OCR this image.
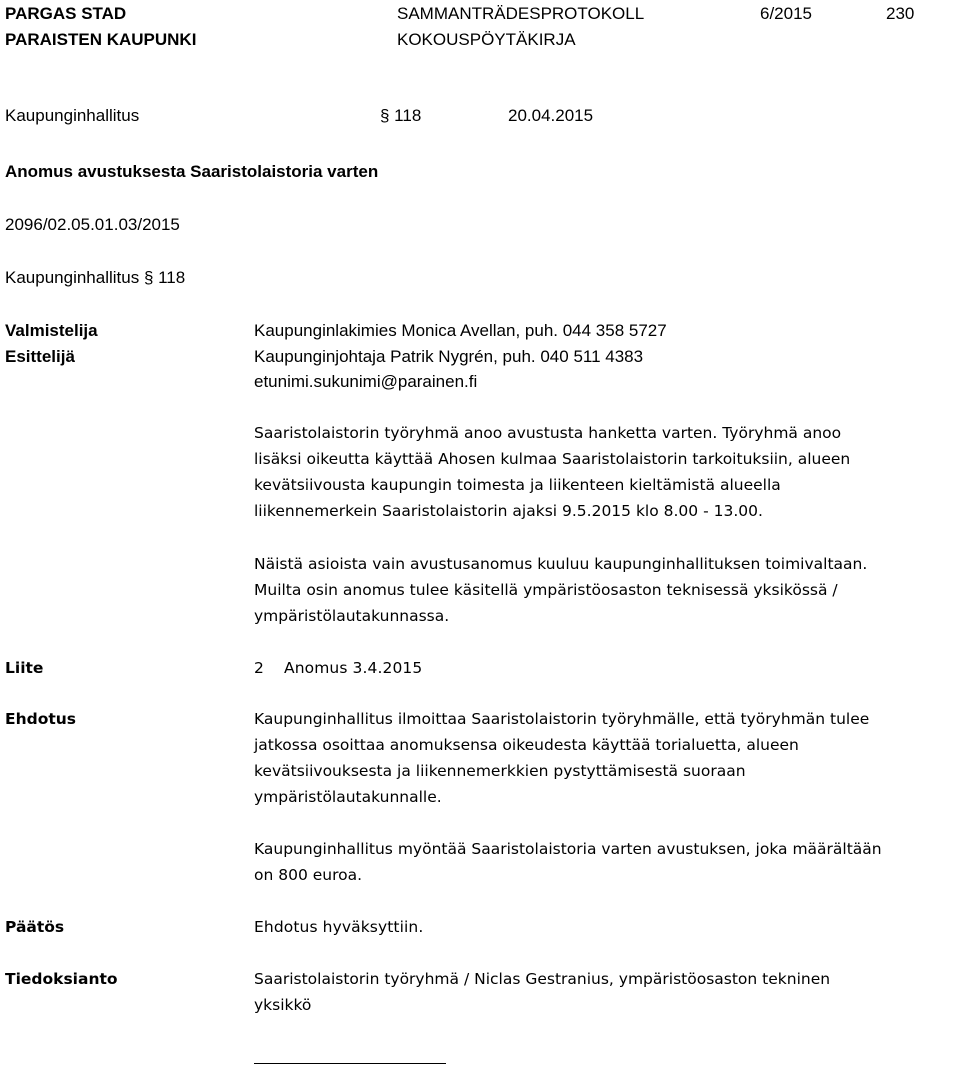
PARGAS STAD
PARAISTEN KAUPUNKI
SAMMANTRÄDESPROTOKOLL
KOKOUSPÖYTÄKIRJA
6/2015	230
Kaupunginhallitus	§ 118	20.04.2015
Anomus avustuksesta Saaristolaistoria varten
2096/02.05.01.03/2015
Kaupunginhallitus § 118
Valmistelija	Kaupunginlakimies Monica Avellan, puh. 044 358 5727
Esittelijä	Kaupunginjohtaja Patrik Nygrén, puh. 040 511 4383
etunimi.sukunimi@parainen.fi
Saaristolaistorin työryhmä anoo avustusta hanketta varten. Työryhmä anoo
lisäksi oikeutta käyttää Ahosen kulmaa Saaristolaistorin tarkoituksiin, alueen
kevätsiivousta kaupungin toimesta ja liikenteen kieltämistä alueella
liikennemerkein Saaristolaistorin ajaksi 9.5.2015 klo 8.00 - 13.00.
Näistä asioista vain avustusanomus kuuluu kaupunginhallituksen toimivaltaan.
Muilta osin anomus tulee käsitellä ympäristöosaston teknisessä yksikössä /
ympäristölautakunnassa.
Liite	2 Anomus 3.4.2015
Ehdotus	Kaupunginhallitus ilmoittaa Saaristolaistorin työryhmälle, että työryhmän tulee
jatkossa osoittaa anomuksensa oikeudesta käyttää torialuetta, alueen
kevätsiivouksesta ja liikennemerkkien pystyttämisestä suoraan
ympäristölautakunnalle.
Kaupunginhallitus myöntää Saaristolaistoria varten avustuksen, joka määrältään
on 800 euroa.
Päätös	Ehdotus hyväksyttiin.
Tiedoksianto	Saaristolaistorin työryhmä / Niclas Gestranius, ympäristöosaston tekninen
yksikkö
